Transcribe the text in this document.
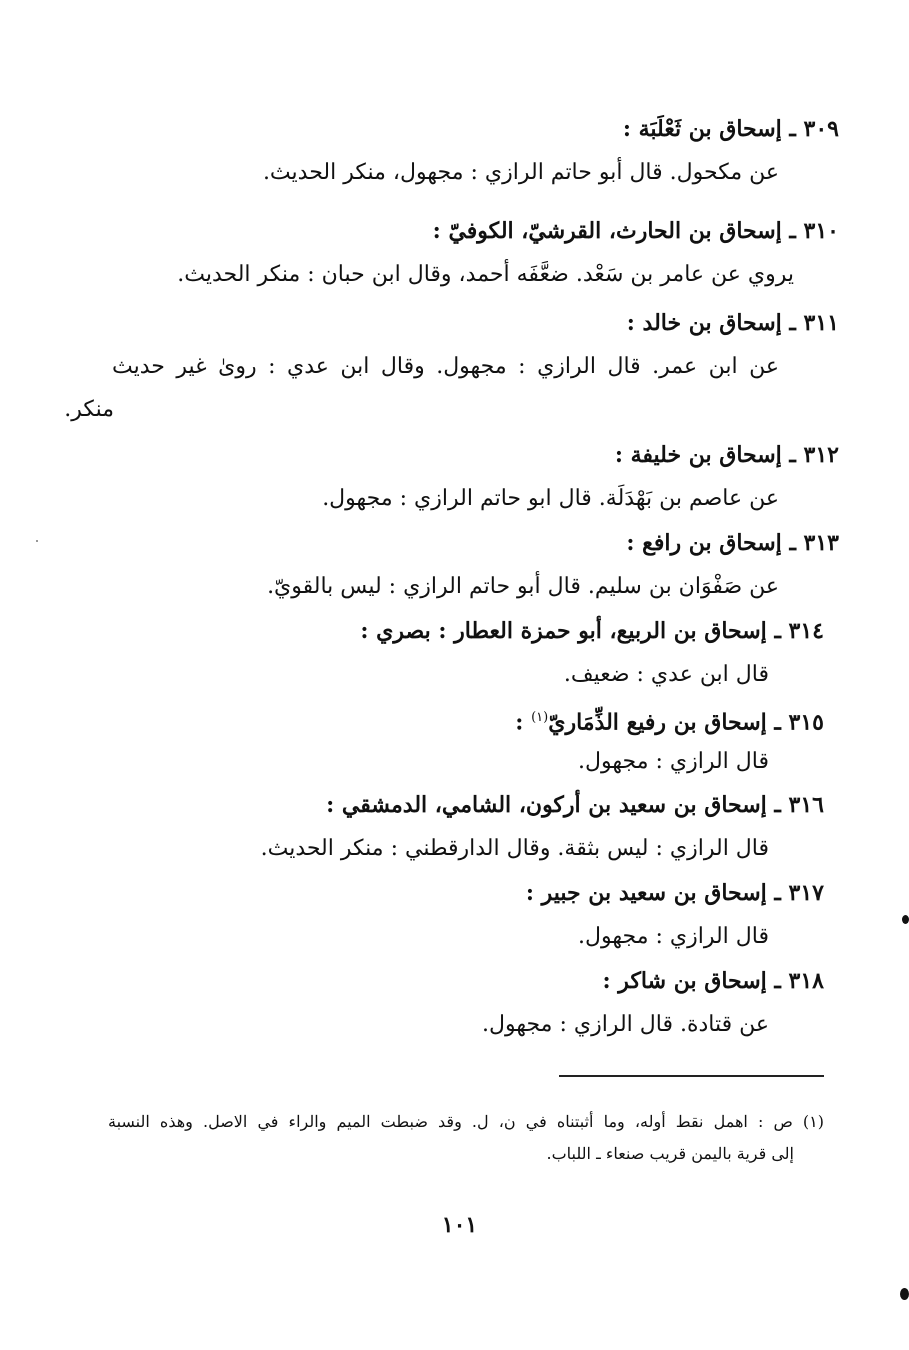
٣٠٩ ـ إسحاق بن ثَعْلَبَة :
عن مكحول. قال أبو حاتم الرازي : مجهول، منكر الحديث.
٣١٠ ـ إسحاق بن الحارث، القرشيّ، الكوفيّ :
يروي عن عامر بن سَعْد. ضعَّفَه أحمد، وقال ابن حبان : منكر الحديث.
٣١١ ـ إسحاق بن خالد :
عن ابن عمر. قال الرازي : مجهول. وقال ابن عدي : روىٰ غير حديث
منكر.
٣١٢ ـ إسحاق بن خليفة :
عن عاصم بن بَهْدَلَة. قال ابو حاتم الرازي : مجهول.
٣١٣ ـ إسحاق بن رافع :
عن صَفْوَان بن سليم. قال أبو حاتم الرازي : ليس بالقويّ.
٣١٤ ـ إسحاق بن الربيع، أبو حمزة العطار : بصري :
قال ابن عدي : ضعيف.
٣١٥ ـ إسحاق بن رفيع الذِّمَاريّ$^{(١)}$ :
قال الرازي : مجهول.
٣١٦ ـ إسحاق بن سعيد بن أركون، الشامي، الدمشقي :
قال الرازي : ليس بثقة. وقال الدارقطني : منكر الحديث.
٣١٧ ـ إسحاق بن سعيد بن جبير :
قال الرازي : مجهول.
٣١٨ ـ إسحاق بن شاكر :
عن قتادة. قال الرازي : مجهول.
(١) ص : اهمل نقط أوله، وما أثبتناه في ن، ل. وقد ضبطت الميم والراء في الاصل. وهذه النسبة
إلى قرية باليمن قريب صنعاء ـ اللباب.
١٠١
